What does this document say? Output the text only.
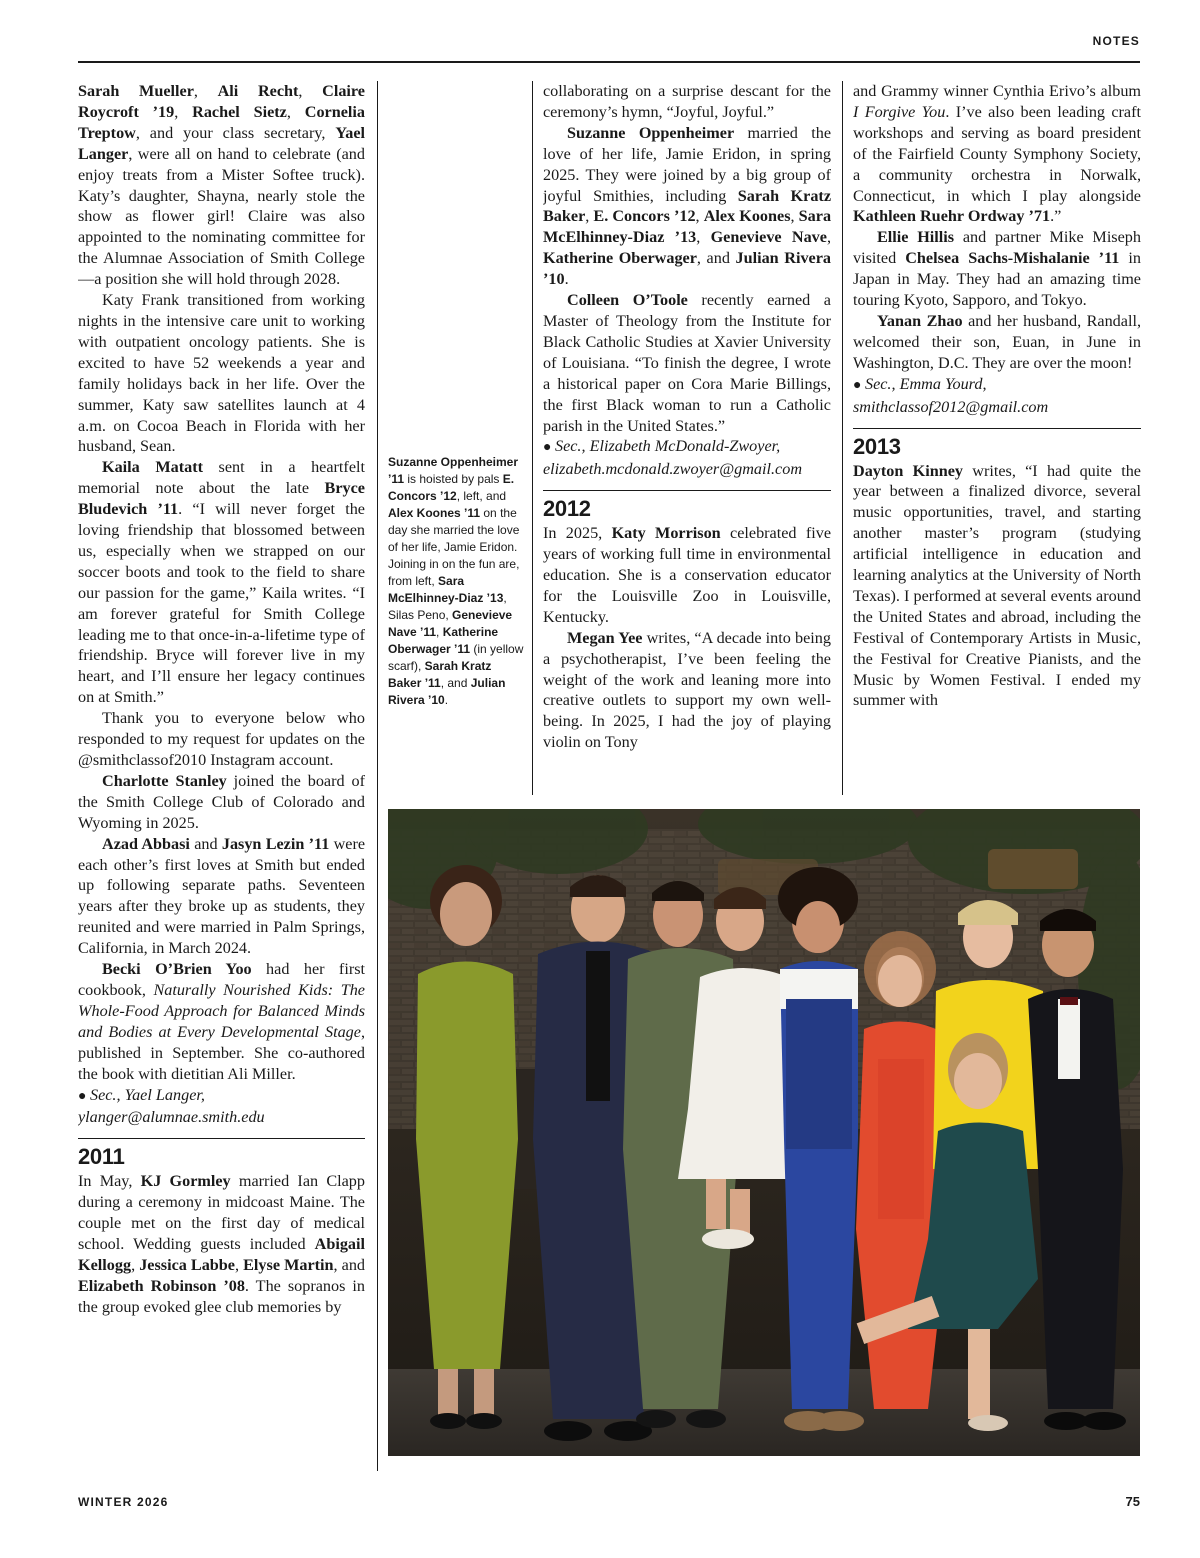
NOTES

Sarah Mueller, Ali Recht, Claire Roycroft ’19, Rachel Sietz, Cornelia Treptow, and your class secretary, Yael Langer, were all on hand to celebrate (and enjoy treats from a Mister Softee truck). Katy’s daughter, Shayna, nearly stole the show as flower girl! Claire was also appointed to the nominating committee for the Alumnae Association of Smith College—a position she will hold through 2028.

Katy Frank transitioned from working nights in the intensive care unit to working with outpatient oncology patients. She is excited to have 52 weekends a year and family holidays back in her life. Over the summer, Katy saw satellites launch at 4 a.m. on Cocoa Beach in Florida with her husband, Sean.

Kaila Matatt sent in a heartfelt memorial note about the late Bryce Bludevich ’11. “I will never forget the loving friendship that blossomed between us, especially when we strapped on our soccer boots and took to the field to share our passion for the game,” Kaila writes. “I am forever grateful for Smith College leading me to that once-in-a-lifetime type of friendship. Bryce will forever live in my heart, and I’ll ensure her legacy continues on at Smith.”

Thank you to everyone below who responded to my request for updates on the @smithclassof2010 Instagram account.

Charlotte Stanley joined the board of the Smith College Club of Colorado and Wyoming in 2025.

Azad Abbasi and Jasyn Lezin ’11 were each other’s first loves at Smith but ended up following separate paths. Seventeen years after they broke up as students, they reunited and were married in Palm Springs, California, in March 2024.

Becki O’Brien Yoo had her first cookbook, Naturally Nourished Kids: The Whole-Food Approach for Balanced Minds and Bodies at Every Developmental Stage, published in September. She co-authored the book with dietitian Ali Miller.

● Sec., Yael Langer,
ylanger@alumnae.smith.edu

2011

In May, KJ Gormley married Ian Clapp during a ceremony in midcoast Maine. The couple met on the first day of medical school. Wedding guests included Abigail Kellogg, Jessica Labbe, Elyse Martin, and Elizabeth Robinson ’08. The sopranos in the group evoked glee club memories by

Suzanne Oppenheimer ’11 is hoisted by pals E. Concors ’12, left, and Alex Koones ’11 on the day she married the love of her life, Jamie Eridon. Joining in on the fun are, from left, Sara McElhinney-Diaz ’13, Silas Peno, Genevieve Nave ’11, Katherine Oberwager ’11 (in yellow scarf), Sarah Kratz Baker ’11, and Julian Rivera ’10.

collaborating on a surprise descant for the ceremony’s hymn, “Joyful, Joyful.”

Suzanne Oppenheimer married the love of her life, Jamie Eridon, in spring 2025. They were joined by a big group of joyful Smithies, including Sarah Kratz Baker, E. Concors ’12, Alex Koones, Sara McElhinney-Diaz ’13, Genevieve Nave, Katherine Oberwager, and Julian Rivera ’10.

Colleen O’Toole recently earned a Master of Theology from the Institute for Black Catholic Studies at Xavier University of Louisiana. “To finish the degree, I wrote a historical paper on Cora Marie Billings, the first Black woman to run a Catholic parish in the United States.”

● Sec., Elizabeth McDonald-Zwoyer,
elizabeth.mcdonald.zwoyer@gmail.com

2012

In 2025, Katy Morrison celebrated five years of working full time in environmental education. She is a conservation educator for the Louisville Zoo in Louisville, Kentucky.

Megan Yee writes, “A decade into being a psychotherapist, I’ve been feeling the weight of the work and leaning more into creative outlets to support my own well-being. In 2025, I had the joy of playing violin on Tony

and Grammy winner Cynthia Erivo’s album I Forgive You. I’ve also been leading craft workshops and serving as board president of the Fairfield County Symphony Society, a community orchestra in Norwalk, Connecticut, in which I play alongside Kathleen Ruehr Ordway ’71.”

Ellie Hillis and partner Mike Miseph visited Chelsea Sachs-Mishalanie ’11 in Japan in May. They had an amazing time touring Kyoto, Sapporo, and Tokyo.

Yanan Zhao and her husband, Randall, welcomed their son, Euan, in June in Washington, D.C. They are over the moon!

● Sec., Emma Yourd,
smithclassof2012@gmail.com

2013

Dayton Kinney writes, “I had quite the year between a finalized divorce, several music opportunities, travel, and starting another master’s program (studying artificial intelligence in education and learning analytics at the University of North Texas). I performed at several events around the United States and abroad, including the Festival of Contemporary Artists in Music, the Festival for Creative Pianists, and the Music by Women Festival. I ended my summer with

WINTER 2026	75
